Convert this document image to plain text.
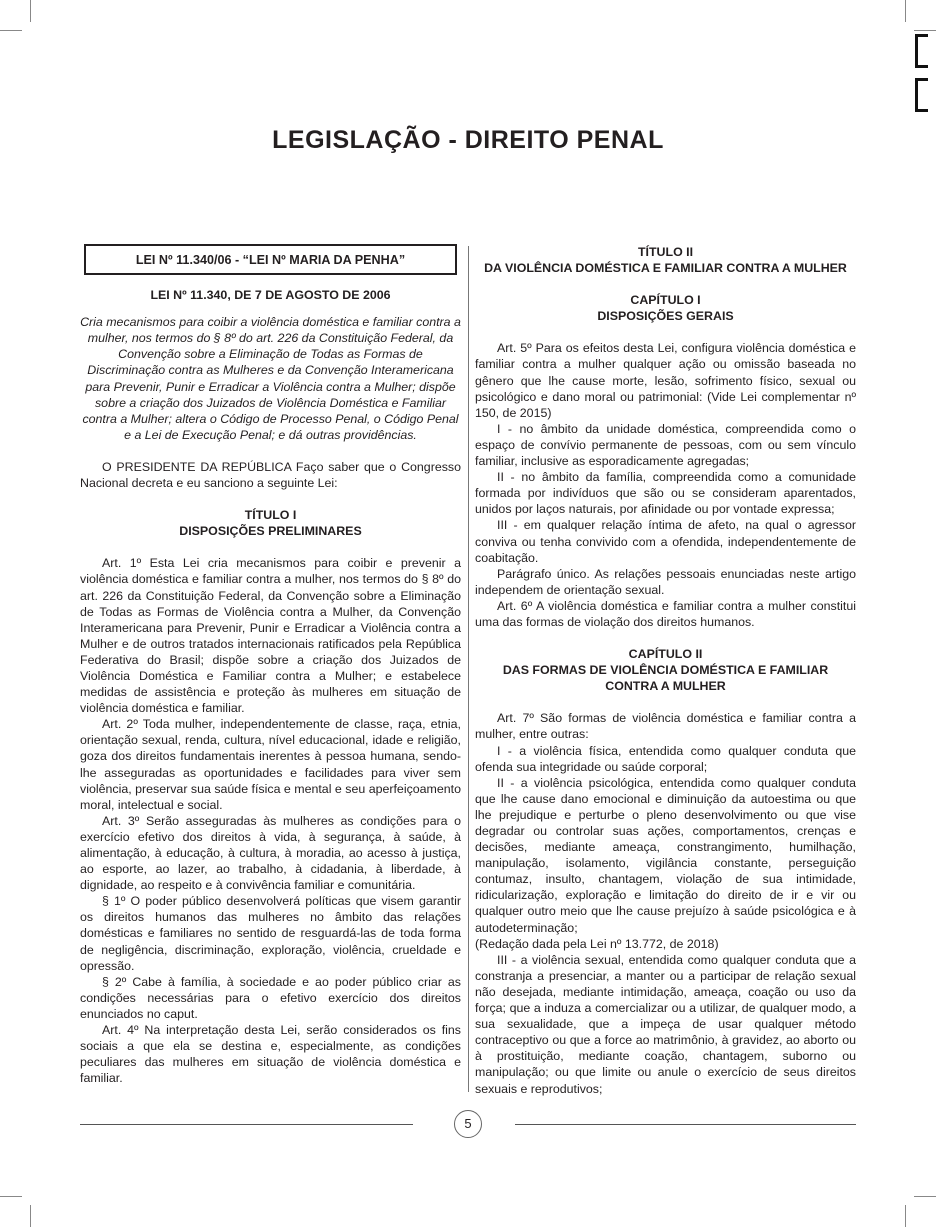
LEGISLAÇÃO - DIREITO PENAL
LEI Nº 11.340/06 - “LEI Nº MARIA DA PENHA”
LEI Nº 11.340, DE 7 DE AGOSTO DE 2006
Cria mecanismos para coibir a violência doméstica e familiar contra a mulher, nos termos do § 8º do art. 226 da Constituição Federal, da Convenção sobre a Eliminação de Todas as Formas de Discriminação contra as Mulheres e da Convenção Interamericana para Prevenir, Punir e Erradicar a Violência contra a Mulher; dispõe sobre a criação dos Juizados de Violência Doméstica e Familiar contra a Mulher; altera o Código de Processo Penal, o Código Penal e a Lei de Execução Penal; e dá outras providências.

O PRESIDENTE DA REPÚBLICA Faço saber que o Congresso Nacional decreta e eu sanciono a seguinte Lei:

TÍTULO I
DISPOSIÇÕES PRELIMINARES

Art. 1º Esta Lei cria mecanismos para coibir e prevenir a violência doméstica e familiar contra a mulher, nos termos do § 8º do art. 226 da Constituição Federal, da Convenção sobre a Eliminação de Todas as Formas de Violência contra a Mulher, da Convenção Interamericana para Prevenir, Punir e Erradicar a Violência contra a Mulher e de outros tratados internacionais ratificados pela República Federativa do Brasil; dispõe sobre a criação dos Juizados de Violência Doméstica e Familiar contra a Mulher; e estabelece medidas de assistência e proteção às mulheres em situação de violência doméstica e familiar.

Art. 2º Toda mulher, independentemente de classe, raça, etnia, orientação sexual, renda, cultura, nível educacional, idade e religião, goza dos direitos fundamentais inerentes à pessoa humana, sendo-lhe asseguradas as oportunidades e facilidades para viver sem violência, preservar sua saúde física e mental e seu aperfeiçoamento moral, intelectual e social.

Art. 3º Serão asseguradas às mulheres as condições para o exercício efetivo dos direitos à vida, à segurança, à saúde, à alimentação, à educação, à cultura, à moradia, ao acesso à justiça, ao esporte, ao lazer, ao trabalho, à cidadania, à liberdade, à dignidade, ao respeito e à convivência familiar e comunitária.

§ 1º O poder público desenvolverá políticas que visem garantir os direitos humanos das mulheres no âmbito das relações domésticas e familiares no sentido de resguardá-las de toda forma de negligência, discriminação, exploração, violência, crueldade e opressão.

§ 2º Cabe à família, à sociedade e ao poder público criar as condições necessárias para o efetivo exercício dos direitos enunciados no caput.

Art. 4º Na interpretação desta Lei, serão considerados os fins sociais a que ela se destina e, especialmente, as condições peculiares das mulheres em situação de violência doméstica e familiar.

TÍTULO II
DA VIOLÊNCIA DOMÉSTICA E FAMILIAR CONTRA A MULHER
CAPÍTULO I
DISPOSIÇÕES GERAIS

Art. 5º Para os efeitos desta Lei, configura violência doméstica e familiar contra a mulher qualquer ação ou omissão baseada no gênero que lhe cause morte, lesão, sofrimento físico, sexual ou psicológico e dano moral ou patrimonial: (Vide Lei complementar nº 150, de 2015)

I - no âmbito da unidade doméstica, compreendida como o espaço de convívio permanente de pessoas, com ou sem vínculo familiar, inclusive as esporadicamente agregadas;

II - no âmbito da família, compreendida como a comunidade formada por indivíduos que são ou se consideram aparentados, unidos por laços naturais, por afinidade ou por vontade expressa;

III - em qualquer relação íntima de afeto, na qual o agressor conviva ou tenha convivido com a ofendida, independentemente de coabitação.

Parágrafo único. As relações pessoais enunciadas neste artigo independem de orientação sexual.

Art. 6º A violência doméstica e familiar contra a mulher constitui uma das formas de violação dos direitos humanos.

CAPÍTULO II
DAS FORMAS DE VIOLÊNCIA DOMÉSTICA E FAMILIAR CONTRA A MULHER

Art. 7º São formas de violência doméstica e familiar contra a mulher, entre outras:

I - a violência física, entendida como qualquer conduta que ofenda sua integridade ou saúde corporal;

II - a violência psicológica, entendida como qualquer conduta que lhe cause dano emocional e diminuição da autoestima ou que lhe prejudique e perturbe o pleno desenvolvimento ou que vise degradar ou controlar suas ações, comportamentos, crenças e decisões, mediante ameaça, constrangimento, humilhação, manipulação, isolamento, vigilância constante, perseguição contumaz, insulto, chantagem, violação de sua intimidade, ridicularização, exploração e limitação do direito de ir e vir ou qualquer outro meio que lhe cause prejuízo à saúde psicológica e à autodeterminação;

(Redação dada pela Lei nº 13.772, de 2018)

III - a violência sexual, entendida como qualquer conduta que a constranja a presenciar, a manter ou a participar de relação sexual não desejada, mediante intimidação, ameaça, coação ou uso da força; que a induza a comercializar ou a utilizar, de qualquer modo, a sua sexualidade, que a impeça de usar qualquer método contraceptivo ou que a force ao matrimônio, à gravidez, ao aborto ou à prostituição, mediante coação, chantagem, suborno ou manipulação; ou que limite ou anule o exercício de seus direitos sexuais e reprodutivos;

5
